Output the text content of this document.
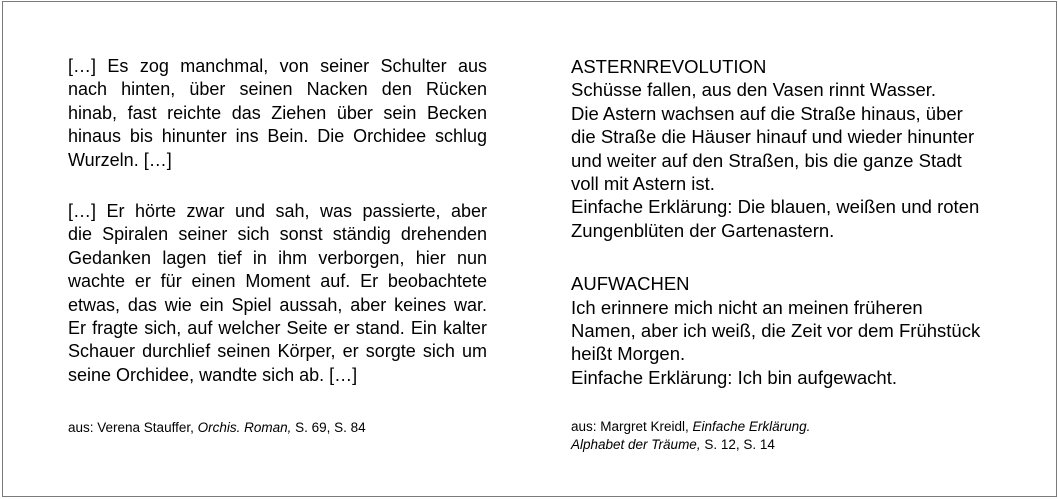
[…] Es zog manchmal, von seiner Schulter aus
nach hinten, über seinen Nacken den Rücken
hinab, fast reichte das Ziehen über sein Becken
hinaus bis hinunter ins Bein. Die Orchidee schlug
Wurzeln. […]
[…] Er hörte zwar und sah, was passierte, aber
die Spiralen seiner sich sonst ständig drehenden
Gedanken lagen tief in ihm verborgen, hier nun
wachte er für einen Moment auf. Er beobachtete
etwas, das wie ein Spiel aussah, aber keines war.
Er fragte sich, auf welcher Seite er stand. Ein kalter
Schauer durchlief seinen Körper, er sorgte sich um
seine Orchidee, wandte sich ab. […]
ASTERNREVOLUTION
Schüsse fallen, aus den Vasen rinnt Wasser.
Die Astern wachsen auf die Straße hinaus, über
die Straße die Häuser hinauf und wieder hinunter
und weiter auf den Straßen, bis die ganze Stadt
voll mit Astern ist.
Einfache Erklärung: Die blauen, weißen und roten
Zungenblüten der Gartenastern.
AUFWACHEN
Ich erinnere mich nicht an meinen früheren
Namen, aber ich weiß, die Zeit vor dem Frühstück
heißt Morgen.
Einfache Erklärung: Ich bin aufgewacht.
aus: Verena Stauffer, Orchis. Roman, S. 69, S. 84	aus: Margret Kreidl, Einfache Erklärung.
Alphabet der Träume, S. 12, S. 14
